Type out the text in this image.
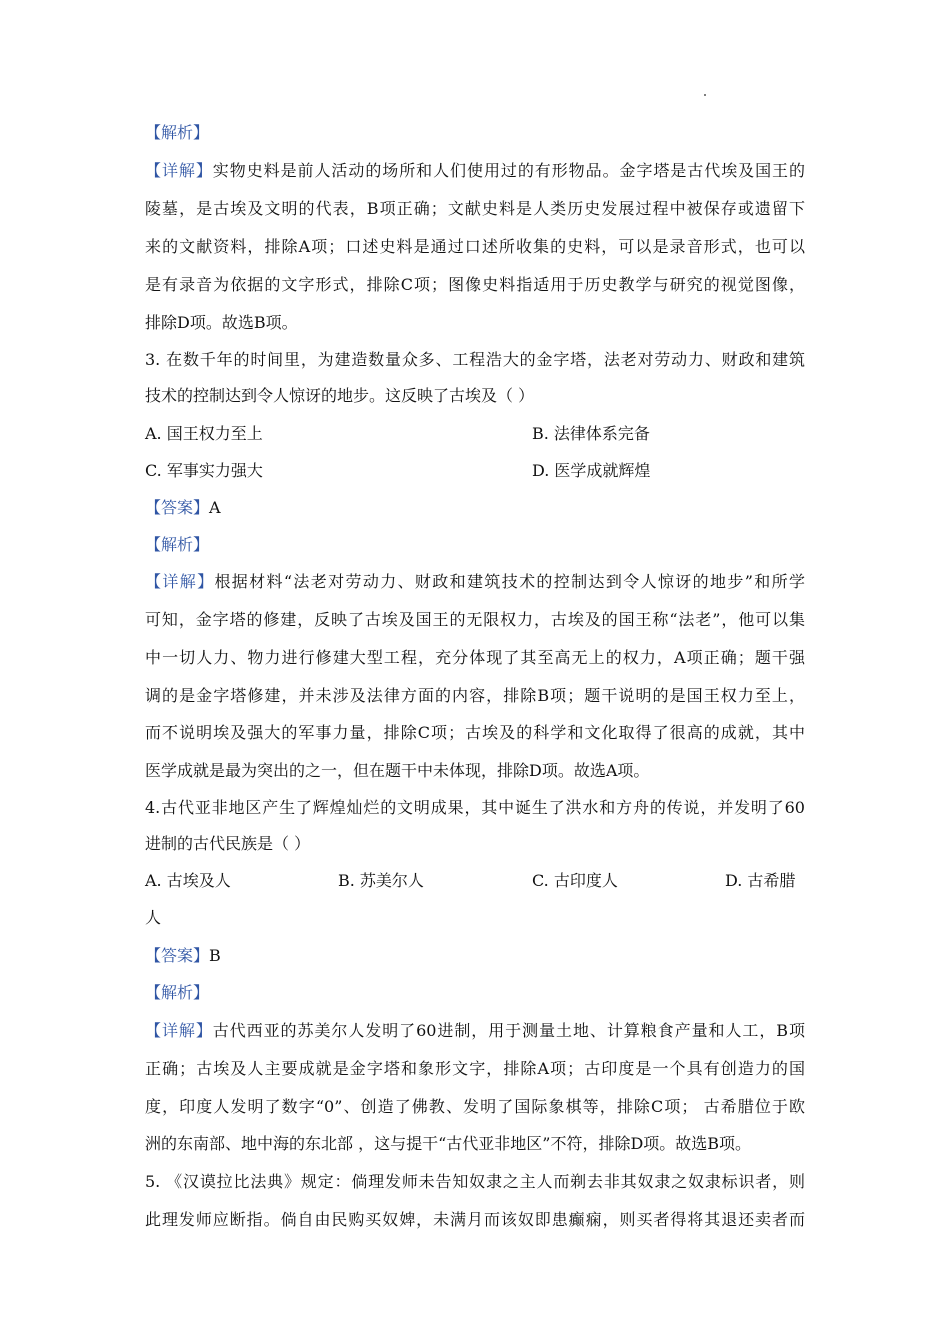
【解析】
【详解】实物史料是前人活动的场所和人们使用过的有形物品。金字塔是古代埃及国王的
陵墓，是古埃及文明的代表，B项正确；文献史料是人类历史发展过程中被保存或遗留下
来的文献资料，排除A项；口述史料是通过口述所收集的史料，可以是录音形式，也可以
是有录音为依据的文字形式，排除C项；图像史料指适用于历史教学与研究的视觉图像，
排除D项。故选B项。
3. 在数千年的时间里，为建造数量众多、工程浩大的金字塔，法老对劳动力、财政和建筑
技术的控制达到令人惊讶的地步。这反映了古埃及（ ）
A. 国王权力至上	B. 法律体系完备
C. 军事实力强大	D. 医学成就辉煌
【答案】A
【解析】
【详解】根据材料“法老对劳动力、财政和建筑技术的控制达到令人惊讶的地步”和所学
可知，金字塔的修建，反映了古埃及国王的无限权力，古埃及的国王称“法老”，他可以集
中一切人力、物力进行修建大型工程，充分体现了其至高无上的权力，A项正确；题干强
调的是金字塔修建，并未涉及法律方面的内容，排除B项；题干说明的是国王权力至上，
而不说明埃及强大的军事力量，排除C项；古埃及的科学和文化取得了很高的成就，其中
医学成就是最为突出的之一，但在题干中未体现，排除D项。故选A项。
4.古代亚非地区产生了辉煌灿烂的文明成果，其中诞生了洪水和方舟的传说，并发明了60
进制的古代民族是（ ）
A. 古埃及人	B. 苏美尔人	C. 古印度人	D. 古希腊
人
【答案】B
【解析】
【详解】古代西亚的苏美尔人发明了60进制，用于测量土地、计算粮食产量和人工，B项
正确；古埃及人主要成就是金字塔和象形文字，排除A项；古印度是一个具有创造力的国
度，印度人发明了数字“0”、创造了佛教、发明了国际象棋等，排除C项； 古希腊位于欧
洲的东南部、地中海的东北部 ，这与提干“古代亚非地区”不符，排除D项。故选B项。
5. 《汉谟拉比法典》规定：倘理发师未告知奴隶之主人而剃去非其奴隶之奴隶标识者，则
此理发师应断指。倘自由民购买奴婢，未满月而该奴即患癫痫，则买者得将其退还卖者而
